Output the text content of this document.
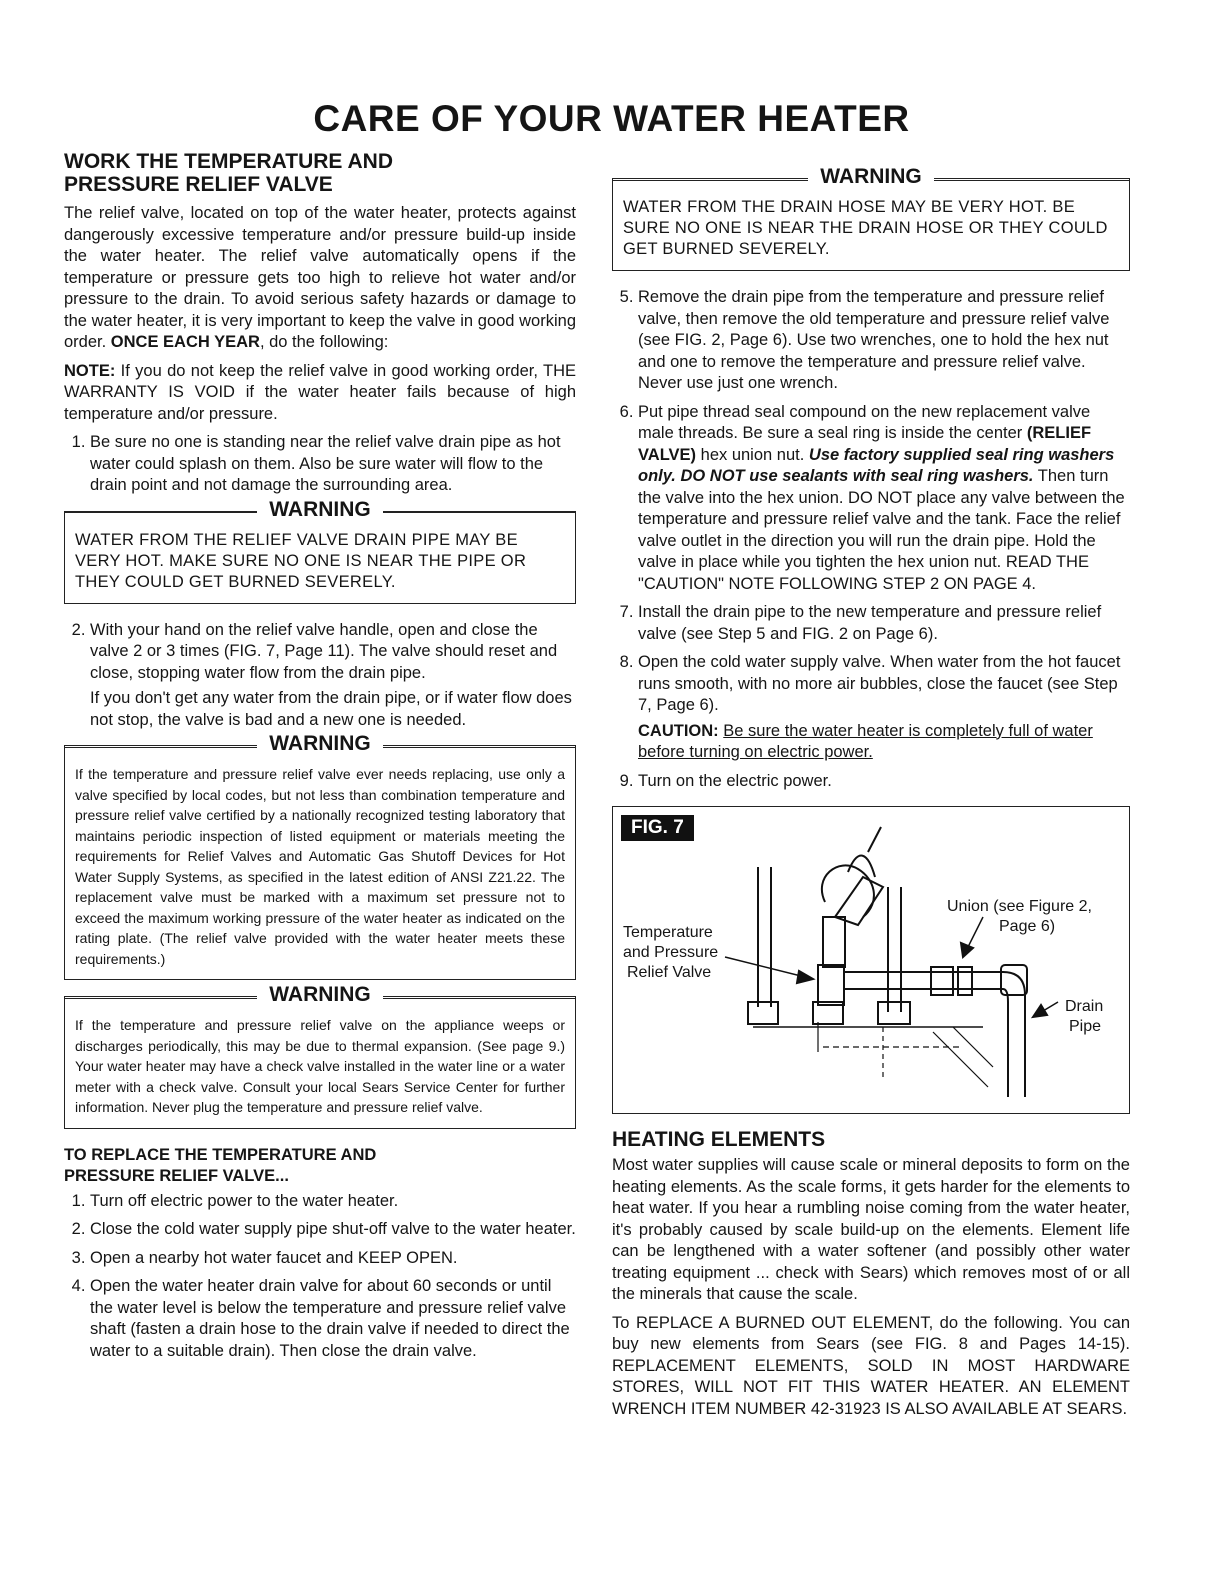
CARE OF YOUR WATER HEATER
WORK THE TEMPERATURE AND
PRESSURE RELIEF VALVE

The relief valve, located on top of the water heater, protects against dangerously excessive temperature and/or pressure build-up inside the water heater. The relief valve automatically opens if the temperature or pressure gets too high to relieve hot water and/or pressure to the drain. To avoid serious safety hazards or damage to the water heater, it is very important to keep the valve in good working order. ONCE EACH YEAR, do the following:

NOTE: If you do not keep the relief valve in good working order, THE WARRANTY IS VOID if the water heater fails because of high temperature and/or pressure.

1. Be sure no one is standing near the relief valve drain pipe as hot water could splash on them. Also be sure water will flow to the drain point and not damage the surrounding area.
WARNING
WATER FROM THE RELIEF VALVE DRAIN PIPE MAY BE VERY HOT. MAKE SURE NO ONE IS NEAR THE PIPE OR THEY COULD GET BURNED SEVERELY.
2. With your hand on the relief valve handle, open and close the valve 2 or 3 times (FIG. 7, Page 11). The valve should reset and close, stopping water flow from the drain pipe.

If you don't get any water from the drain pipe, or if water flow does not stop, the valve is bad and a new one is needed.

WARNING
If the temperature and pressure relief valve ever needs replacing, use only a valve specified by local codes, but not less than combination temperature and pressure relief valve certified by a nationally recognized testing laboratory that maintains periodic inspection of listed equipment or materials meeting the requirements for Relief Valves and Automatic Gas Shutoff Devices for Hot Water Supply Systems, as specified in the latest edition of ANSI Z21.22. The replacement valve must be marked with a maximum set pressure not to exceed the maximum working pressure of the water heater as indicated on the rating plate. (The relief valve provided with the water heater meets these requirements.)
WARNING
If the temperature and pressure relief valve on the appliance weeps or discharges periodically, this may be due to thermal expansion. (See page 9.) Your water heater may have a check valve installed in the water line or a water meter with a check valve. Consult your local Sears Service Center for further information. Never plug the temperature and pressure relief valve.
TO REPLACE THE TEMPERATURE AND
PRESSURE RELIEF VALVE...
1. Turn off electric power to the water heater.
2. Close the cold water supply pipe shut-off valve to the water heater.
3. Open a nearby hot water faucet and KEEP OPEN.
4. Open the water heater drain valve for about 60 seconds or until the water level is below the temperature and pressure relief valve shaft (fasten a drain hose to the drain valve if needed to direct the water to a suitable drain). Then close the drain valve.
WARNING
WATER FROM THE DRAIN HOSE MAY BE VERY HOT. BE SURE NO ONE IS NEAR THE DRAIN HOSE OR THEY COULD GET BURNED SEVERELY.
5. Remove the drain pipe from the temperature and pressure relief valve, then remove the old temperature and pressure relief valve (see FIG. 2, Page 6). Use two wrenches, one to hold the hex nut and one to remove the temperature and pressure relief valve. Never use just one wrench.
6. Put pipe thread seal compound on the new replacement valve male threads. Be sure a seal ring is inside the center (RELIEF VALVE) hex union nut. Use factory supplied seal ring washers only. DO NOT use sealants with seal ring washers. Then turn the valve into the hex union. DO NOT place any valve between the temperature and pressure relief valve and the tank. Face the relief valve outlet in the direction you will run the drain pipe. Hold the valve in place while you tighten the hex union nut. READ THE "CAUTION" NOTE FOLLOWING STEP 2 ON PAGE 4.
7. Install the drain pipe to the new temperature and pressure relief valve (see Step 5 and FIG. 2 on Page 6).
8. Open the cold water supply valve. When water from the hot faucet runs smooth, with no more air bubbles, close the faucet (see Step 7, Page 6).

CAUTION: Be sure the water heater is completely full of water before turning on electric power.

9. Turn on the electric power.
FIG. 7
Temperature
and Pressure
Relief Valve
Union (see Figure 2,
Page 6)
Drain
Pipe
HEATING ELEMENTS

Most water supplies will cause scale or mineral deposits to form on the heating elements. As the scale forms, it gets harder for the elements to heat water. If you hear a rumbling noise coming from the water heater, it's probably caused by scale build-up on the elements. Element life can be lengthened with a water softener (and possibly other water treating equipment ... check with Sears) which removes most of or all the minerals that cause the scale.

To REPLACE A BURNED OUT ELEMENT, do the following. You can buy new elements from Sears (see FIG. 8 and Pages 14-15). REPLACEMENT ELEMENTS, SOLD IN MOST HARDWARE STORES, WILL NOT FIT THIS WATER HEATER. AN ELEMENT WRENCH ITEM NUMBER 42-31923 IS ALSO AVAILABLE AT SEARS.
